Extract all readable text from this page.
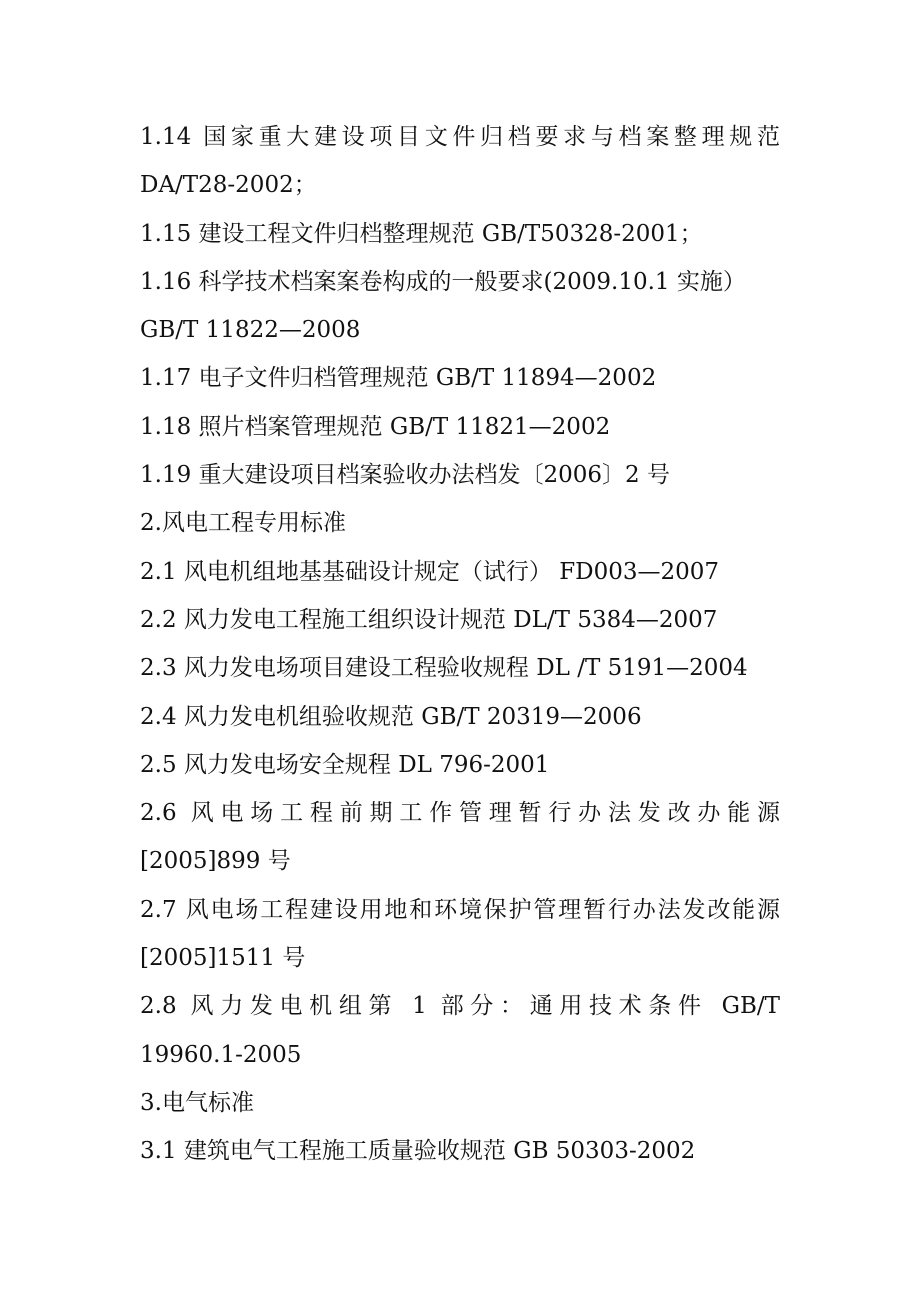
1.14 国家重大建设项目文件归档要求与档案整理规范
DA/T28-2002；
1.15 建设工程文件归档整理规范 GB/T50328-2001；
1.16 科学技术档案案卷构成的一般要求(2009.10.1 实施）
GB/T 11822—2008
1.17 电子文件归档管理规范 GB/T 11894—2002
1.18 照片档案管理规范 GB/T 11821—2002
1.19 重大建设项目档案验收办法档发〔2006〕2 号
2.风电工程专用标准
2.1 风电机组地基基础设计规定（试行） FD003—2007
2.2 风力发电工程施工组织设计规范 DL/T 5384—2007
2.3 风力发电场项目建设工程验收规程 DL /T 5191—2004
2.4 风力发电机组验收规范 GB/T 20319—2006
2.5 风力发电场安全规程 DL 796-2001
2.6 风电场工程前期工作管理暂行办法发改办能源
[2005]899 号
2.7 风电场工程建设用地和环境保护管理暂行办法发改能源
[2005]1511 号
2.8 风力发电机组第 1 部分：通用技术条件 GB/T
19960.1-2005
3.电气标准
3.1 建筑电气工程施工质量验收规范 GB 50303-2002
